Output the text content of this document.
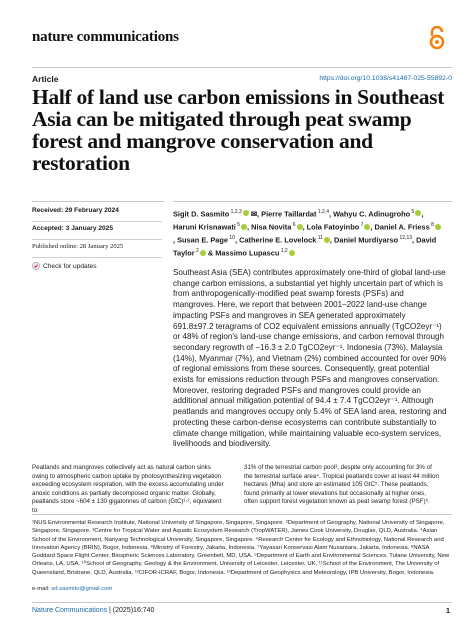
nature communications
Article	https://doi.org/10.1038/s41467-025-55892-0
Half of land use carbon emissions in Southeast Asia can be mitigated through peat swamp forest and mangrove conservation and restoration
Received: 29 February 2024
Accepted: 3 January 2025
Published online: 28 January 2025
Check for updates
Sigit D. Sasmito $^{1,2,3}$ ✉, Pierre Taillardat $^{1,2,4}$, Wahyu C. Adinugroho $^5$ , Haruni Krisnawati $^5$ , Nisa Novita $^6$ , Lola Fatoyinbo $^7$ , Daniel A. Friess $^8$, Susan E. Page $^{10}$, Catherine E. Lovelock $^{11}$ , Daniel Murdiyarso $^{12,13}$, David Taylor $^2$ & Massimo Lupascu $^{1,2}$
Southeast Asia (SEA) contributes approximately one-third of global land-use change carbon emissions, a substantial yet highly uncertain part of which is from anthropogenically-modified peat swamp forests (PSFs) and mangroves. Here, we report that between 2001–2022 land-use change impacting PSFs and mangroves in SEA generated approximately 691.8±97.2 teragrams of CO2 equivalent emissions annually (TgCO2eyr⁻¹) or 48% of region's land-use change emissions, and carbon removal through secondary regrowth of −16.3 ± 2.0 TgCO2eyr⁻¹. Indonesia (73%), Malaysia (14%), Myanmar (7%), and Vietnam (2%) combined accounted for over 90% of regional emissions from these sources. Consequently, great potential exists for emissions reduction through PSFs and mangroves conservation. Moreover, restoring degraded PSFs and mangroves could provide an additional annual mitigation potential of 94.4 ± 7.4 TgCO2eyr⁻¹. Although peatlands and mangroves occupy only 5.4% of SEA land area, restoring and protecting these carbon-dense ecosystems can contribute substantially to climate change mitigation, while maintaining valuable eco-system services, livelihoods and biodiversity.
Peatlands and mangroves collectively act as natural carbon sinks owing to atmospheric carbon uptake by photosynthesizing vegetation exceeding ecosystem respiration, with the excess accumulating under anoxic conditions as partially decomposed organic matter. Globally, peatlands store ~604 ± 130 gigatonnes of carbon (GtC)¹⋅², equivalent to
31% of the terrestrial carbon pool³, despite only accounting for 3% of the terrestrial surface area⁴. Tropical peatlands cover at least 44 million hectares (Mha) and store an estimated 105 GtC⁵. These peatlands, found primarily at lower elevations but occasionally at higher ones, often support forest vegetation known as peat swamp forest (PSF)⁶.
¹NUS Environmental Research Institute, National University of Singapore, Singapore, Singapore. ²Department of Geography, National University of Singapore, Singapore, Singapore. ³Centre for Tropical Water and Aquatic Ecosystem Research (TropWATER), James Cook University, Douglas, QLD, Australia. ⁴Asian School of the Environment, Nanyang Technological University, Singapore, Singapore. ⁵Research Center for Ecology and Ethnobiology, National Research and Innovation Agency (BRIN), Bogor, Indonesia. ⁶Ministry of Forestry, Jakarta, Indonesia. ⁷Yayasan Konservasi Alam Nusantara, Jakarta, Indonesia. ⁸NASA Goddard Space Flight Center, Biospheric Sciences Laboratory, Greenbelt, MD, USA. ⁹Department of Earth and Environmental Sciences, Tulane University, New Orleans, LA, USA. ¹⁰School of Geography, Geology & the Environment, University of Leicester, Leicester, UK. ¹¹School of the Environment, The University of Queensland, Brisbane, QLD, Australia. ¹²CIFOR-ICRAF, Bogor, Indonesia. ¹³Department of Geophysics and Meteorology, IPB University, Bogor, Indonesia.
e-mail: sd.sasmito@gmail.com
Nature Communications | (2025)16:740	1
